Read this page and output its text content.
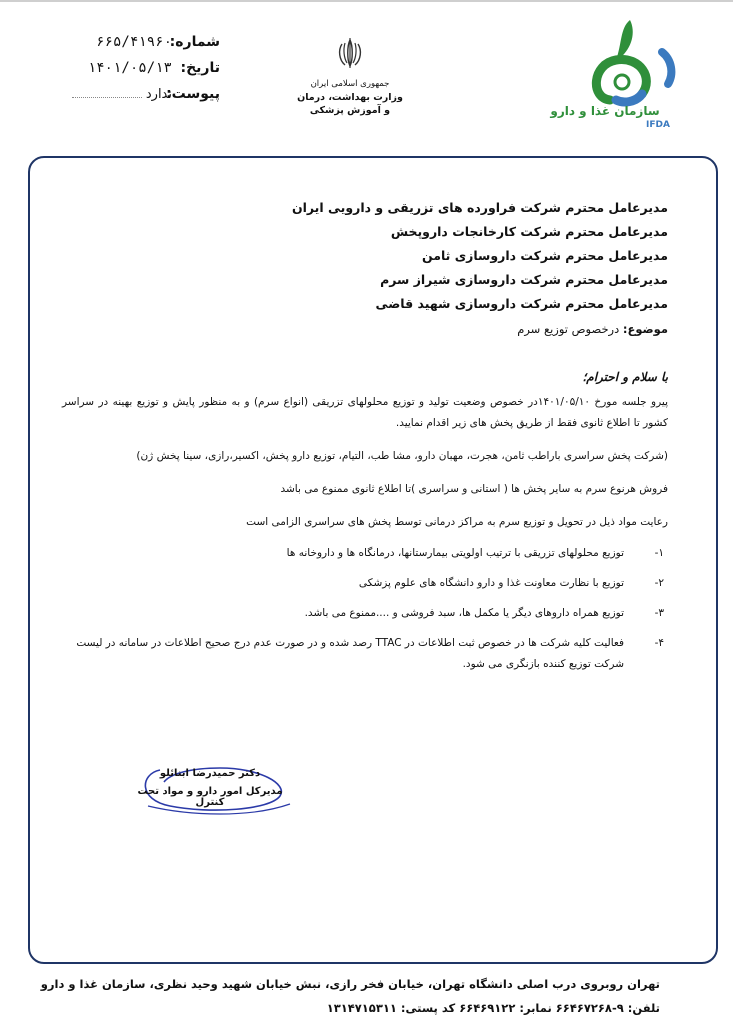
شماره:
۶۶۵/۴۱۹۶۰
تاریخ:
۱۴۰۱/۰۵/۱۳
پیوست:
ندارد
جمهوری اسلامی ایران
وزارت بهداشت، درمان
و آموزش پزشکی	سازمان غذا و دارو
IFDA
مدیرعامل محترم شرکت فراورده های تزریقی و دارویی ایران
مدیرعامل محترم شرکت کارخانجات داروپخش
مدیرعامل محترم شرکت داروسازی ثامن
مدیرعامل محترم شرکت داروسازی شیراز سرم
مدیرعامل محترم شرکت داروسازی شهید قاضی
موضوع: درخصوص توزیع سرم
با سلام و احترام؛
پیرو جلسه مورخ ۱۴۰۱/۰۵/۱۰در خصوص وضعیت تولید و توزیع محلولهای تزریقی (انواع سرم) و به منظور پایش و توزیع بهینه در سراسر کشور تا اطلاع ثانوی فقط از طریق پخش های زیر اقدام نمایید.
(شرکت پخش سراسری باراطب ثامن، هجرت، مهبان دارو، مشا طب، التیام، توزیع دارو پخش، اکسیر،رازی، سینا پخش ژن)
فروش هرنوع سرم به سایر پخش ها ( استانی و سراسری )تا اطلاع ثانوی ممنوع می باشد
رعایت مواد ذیل در تحویل و توزیع سرم به مراکز درمانی توسط پخش های سراسری الزامی است
۱-
توزیع محلولهای تزریقی با ترتیب اولویتی بیمارستانها، درمانگاه ها و داروخانه ها
۲-
توزیع با نظارت معاونت غذا و دارو دانشگاه های علوم پزشکی
۳-
توزیع همراه داروهای دیگر یا مکمل ها، سبد فروشی و ....ممنوع می باشد.
۴-
فعالیت کلیه شرکت ها در خصوص ثبت اطلاعات در TTAC رصد شده و در صورت عدم درج صحیح اطلاعات در سامانه در لیست شرکت توزیع کننده بازنگری می شود.
دکتر حمیدرضا ابنائلو
مدیرکل امور دارو و مواد تحت کنترل
تهران روبروی درب اصلی دانشگاه تهران، خیابان فخر رازی، نبش خیابان شهید وحید نظری، سازمان غذا و دارو
تلفن: ۹-۶۶۴۶۷۲۶۸ نمابر: ۶۶۴۶۹۱۲۲ کد پستی: ۱۳۱۴۷۱۵۳۱۱
